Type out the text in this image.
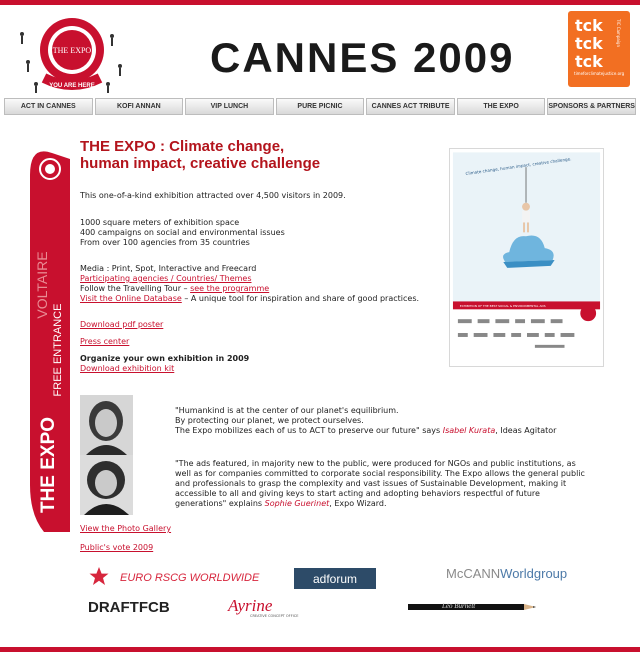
THE EXPO
YOU ARE HERE
CANNES 2009
tck
tck
tck
TIC Campaign
timeforclimatejustice.org
ACT IN CANNES	KOFI ANNAN	VIP LUNCH	PURE PICNIC	CANNES ACT TRIBUTE	THE EXPO	SPONSORS & PARTNERS
VOLTAIRE
FREE ENTRANCE
THE EXPO
THE EXPO : Climate change,
human impact, creative challenge
This one-of-a-kind exhibition attracted over 4,500 visitors in 2009.
1000 square meters of exhibition space
400 campaigns on social and environmental issues
From over 100 agencies from 35 countries
Media : Print, Spot, Interactive and Freecard
Participating agencies / Countries/ Themes
Follow the Travelling Tour – see the programme
Visit the Online Database – A unique tool for inspiration and share of good practices.
Download pdf poster
Press center
Organize your own exhibition in 2009
Download exhibition kit
Climate change, human impact, creative challenge.
EXHIBITION OF THE BEST SOCIAL & ENVIRONMENTAL ADS
"Humankind is at the center of our planet's equilibrium.
By protecting our planet, we protect ourselves.
The Expo mobilizes each of us to ACT to preserve our future" says Isabel Kurata, Ideas Agitator
"The ads featured, in majority new to the public, were produced for NGOs and public institutions, as
well as for companies committed to corporate social responsibility. The Expo allows the general public
and professionals to grasp the complexity and vast issues of Sustainable Development, making it
accessible to all and giving keys to start acting and adopting behaviors respectful of future
generations" explains Sophie Guerinet, Expo Wizard.
View the Photo Gallery
Public's vote 2009
EURO RSCG WORLDWIDE	adforum	McCANNWorldgroup
DRAFTFCB	Ayrine
CREATIVE CONCEPT OFFICE
Léo Burnett
